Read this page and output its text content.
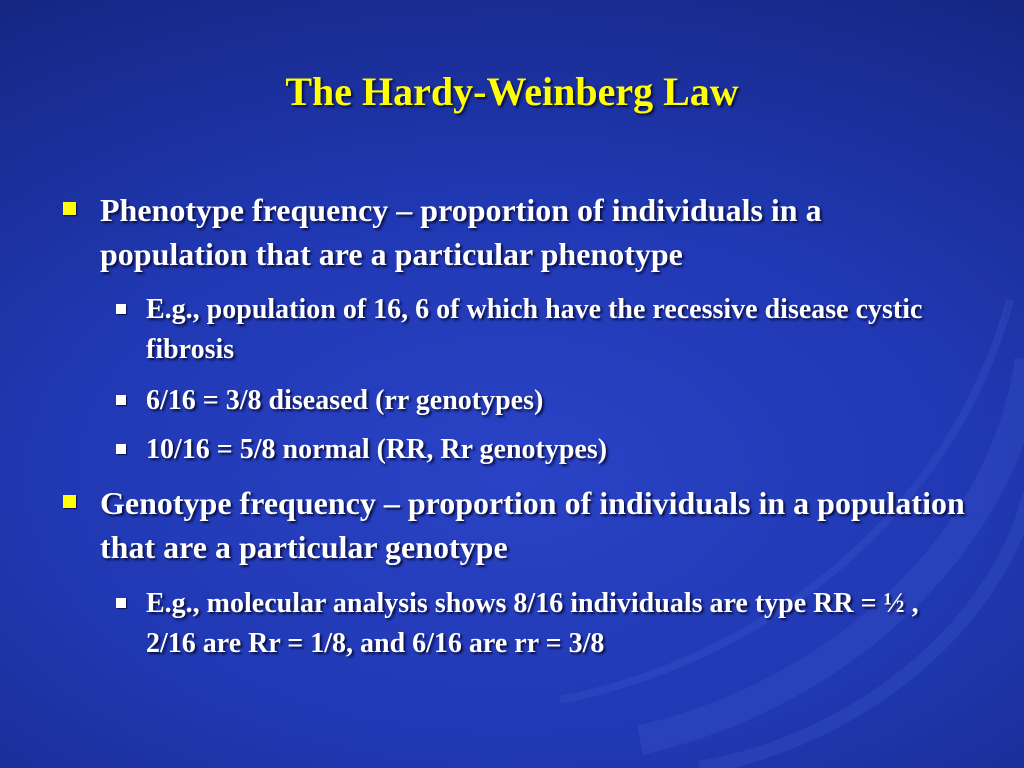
The Hardy-Weinberg Law
Phenotype frequency – proportion of individuals in a population that are a particular phenotype
E.g., population of 16, 6 of which have the recessive disease cystic fibrosis
6/16 = 3/8 diseased (rr genotypes)
10/16 = 5/8 normal (RR, Rr genotypes)
Genotype frequency – proportion of individuals in a population that are a particular genotype
E.g., molecular analysis shows 8/16 individuals are type RR = ½ , 2/16 are Rr = 1/8, and 6/16 are rr = 3/8
